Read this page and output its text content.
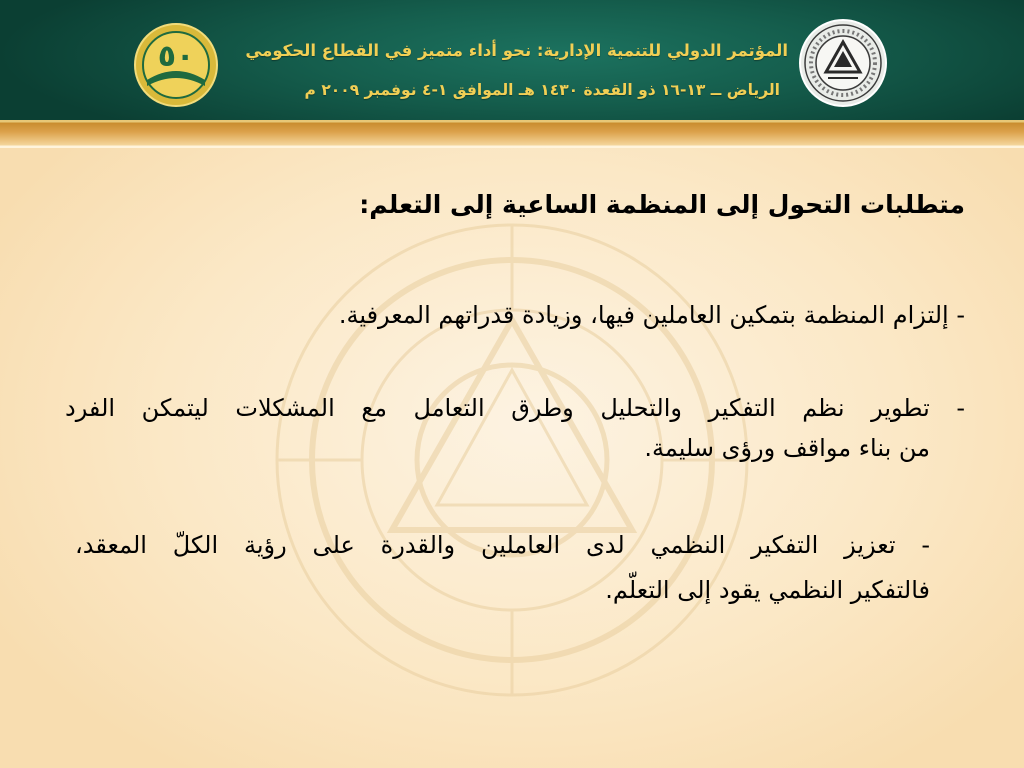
٥٠	المؤتمر الدولي للتنمية الإدارية: نحو أداء متميز في القطاع الحكومي
الرياض ــ ١٣-١٦ ذو القعدة ١٤٣٠ هـ الموافق ١-٤ نوفمبر ٢٠٠٩ م
متطلبات التحول إلى المنظمة الساعية إلى التعلم:
- إلتزام المنظمة بتمكين العاملين فيها، وزيادة قدراتهم المعرفية.
- تطوير نظم التفكير والتحليل وطرق التعامل مع المشكلات ليتمكن الفرد
من بناء مواقف ورؤى سليمة.
- تعزيز التفكير النظمي لدى العاملين والقدرة على رؤية الكلّ المعقد،
فالتفكير النظمي يقود إلى التعلّم.
